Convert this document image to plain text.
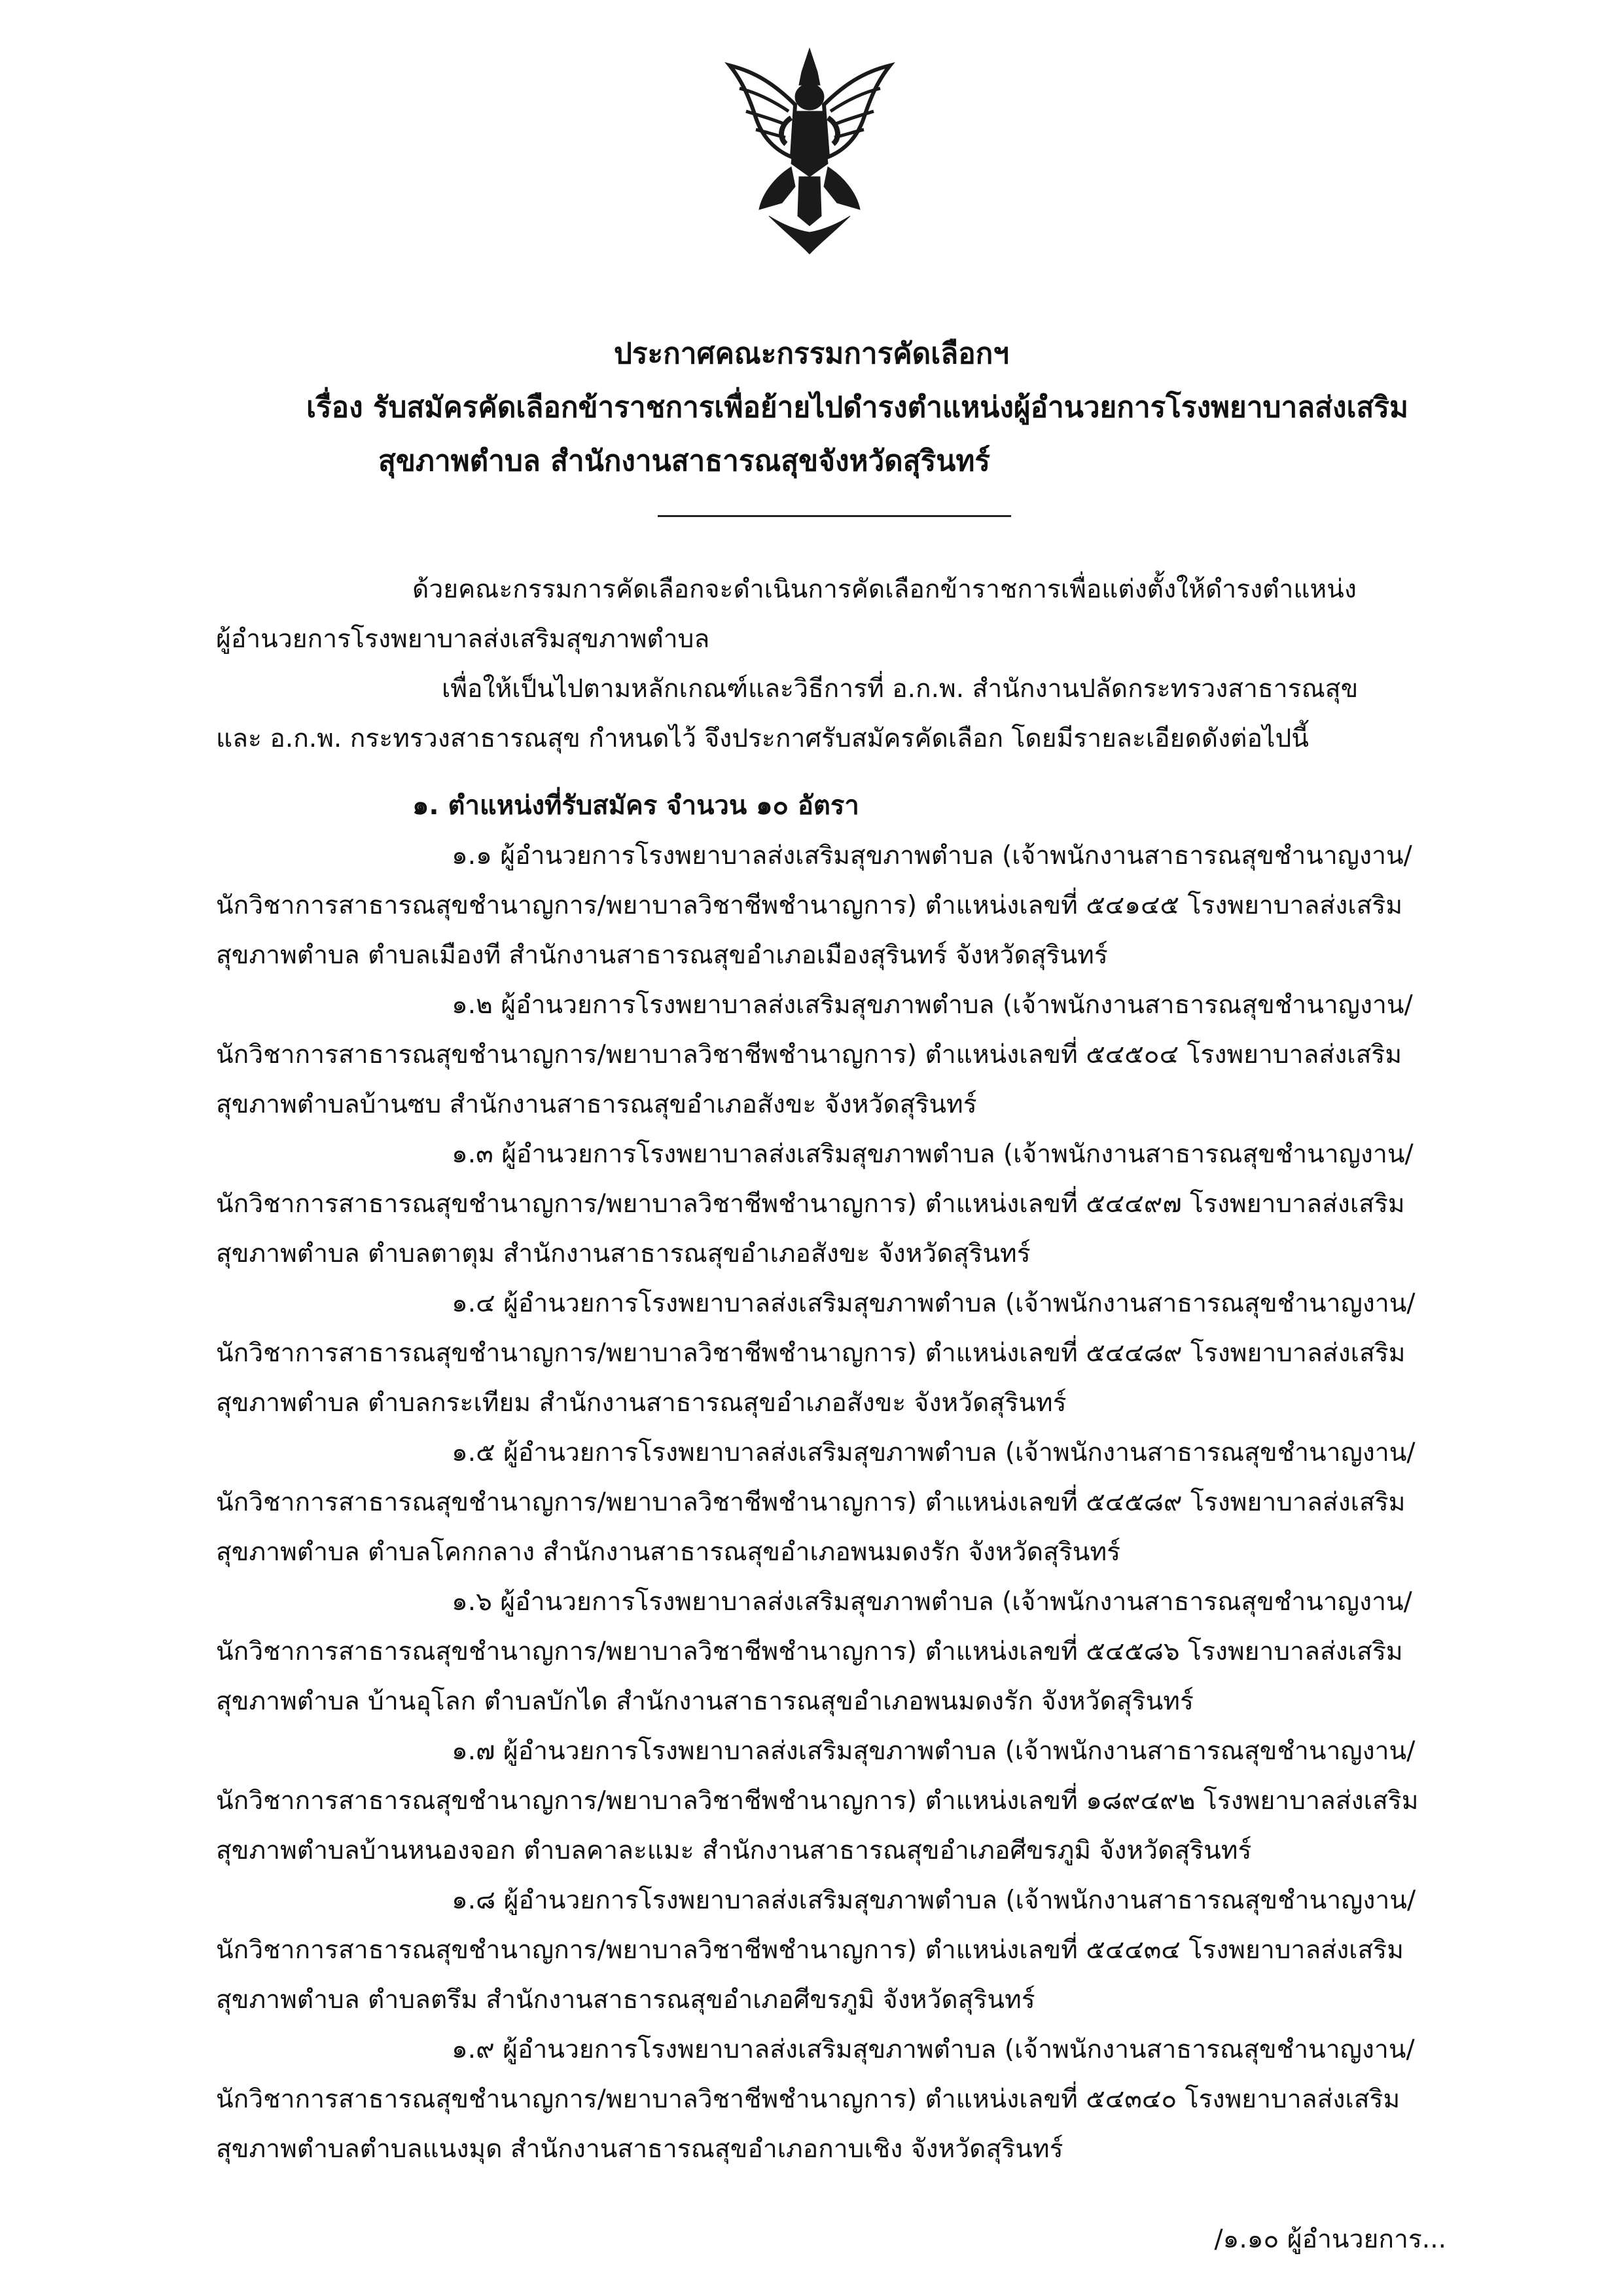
ประกาศคณะกรรมการคัดเลือกฯ
เรื่อง รับสมัครคัดเลือกข้าราชการเพื่อย้ายไปดำรงตำแหน่งผู้อำนวยการโรงพยาบาลส่งเสริม
สุขภาพตำบล สำนักงานสาธารณสุขจังหวัดสุรินทร์
ด้วยคณะกรรมการคัดเลือกจะดำเนินการคัดเลือกข้าราชการเพื่อแต่งตั้งให้ดำรงตำแหน่ง
ผู้อำนวยการโรงพยาบาลส่งเสริมสุขภาพตำบล
เพื่อให้เป็นไปตามหลักเกณฑ์และวิธีการที่ อ.ก.พ. สำนักงานปลัดกระทรวงสาธารณสุข
และ อ.ก.พ. กระทรวงสาธารณสุข กำหนดไว้ จึงประกาศรับสมัครคัดเลือก โดยมีรายละเอียดดังต่อไปนี้
๑. ตำแหน่งที่รับสมัคร จำนวน ๑๐ อัตรา
๑.๑ ผู้อำนวยการโรงพยาบาลส่งเสริมสุขภาพตำบล (เจ้าพนักงานสาธารณสุขชำนาญงาน/
นักวิชาการสาธารณสุขชำนาญการ/พยาบาลวิชาชีพชำนาญการ) ตำแหน่งเลขที่ ๕๔๑๔๕ โรงพยาบาลส่งเสริม
สุขภาพตำบล ตำบลเมืองที สำนักงานสาธารณสุขอำเภอเมืองสุรินทร์ จังหวัดสุรินทร์
๑.๒ ผู้อำนวยการโรงพยาบาลส่งเสริมสุขภาพตำบล (เจ้าพนักงานสาธารณสุขชำนาญงาน/
นักวิชาการสาธารณสุขชำนาญการ/พยาบาลวิชาชีพชำนาญการ) ตำแหน่งเลขที่ ๕๔๕๐๔ โรงพยาบาลส่งเสริม
สุขภาพตำบลบ้านซบ สำนักงานสาธารณสุขอำเภอสังขะ จังหวัดสุรินทร์
๑.๓ ผู้อำนวยการโรงพยาบาลส่งเสริมสุขภาพตำบล (เจ้าพนักงานสาธารณสุขชำนาญงาน/
นักวิชาการสาธารณสุขชำนาญการ/พยาบาลวิชาชีพชำนาญการ) ตำแหน่งเลขที่ ๕๔๔๙๗ โรงพยาบาลส่งเสริม
สุขภาพตำบล ตำบลตาตุม สำนักงานสาธารณสุขอำเภอสังขะ จังหวัดสุรินทร์
๑.๔ ผู้อำนวยการโรงพยาบาลส่งเสริมสุขภาพตำบล (เจ้าพนักงานสาธารณสุขชำนาญงาน/
นักวิชาการสาธารณสุขชำนาญการ/พยาบาลวิชาชีพชำนาญการ) ตำแหน่งเลขที่ ๕๔๔๘๙ โรงพยาบาลส่งเสริม
สุขภาพตำบล ตำบลกระเทียม สำนักงานสาธารณสุขอำเภอสังขะ จังหวัดสุรินทร์
๑.๕ ผู้อำนวยการโรงพยาบาลส่งเสริมสุขภาพตำบล (เจ้าพนักงานสาธารณสุขชำนาญงาน/
นักวิชาการสาธารณสุขชำนาญการ/พยาบาลวิชาชีพชำนาญการ) ตำแหน่งเลขที่ ๕๔๕๘๙ โรงพยาบาลส่งเสริม
สุขภาพตำบล ตำบลโคกกลาง สำนักงานสาธารณสุขอำเภอพนมดงรัก จังหวัดสุรินทร์
๑.๖ ผู้อำนวยการโรงพยาบาลส่งเสริมสุขภาพตำบล (เจ้าพนักงานสาธารณสุขชำนาญงาน/
นักวิชาการสาธารณสุขชำนาญการ/พยาบาลวิชาชีพชำนาญการ) ตำแหน่งเลขที่ ๕๔๕๘๖ โรงพยาบาลส่งเสริม
สุขภาพตำบล บ้านอุโลก ตำบลบักได สำนักงานสาธารณสุขอำเภอพนมดงรัก จังหวัดสุรินทร์
๑.๗ ผู้อำนวยการโรงพยาบาลส่งเสริมสุขภาพตำบล (เจ้าพนักงานสาธารณสุขชำนาญงาน/
นักวิชาการสาธารณสุขชำนาญการ/พยาบาลวิชาชีพชำนาญการ) ตำแหน่งเลขที่ ๑๘๙๔๙๒ โรงพยาบาลส่งเสริม
สุขภาพตำบลบ้านหนองจอก ตำบลคาละแมะ สำนักงานสาธารณสุขอำเภอศีขรภูมิ จังหวัดสุรินทร์
๑.๘ ผู้อำนวยการโรงพยาบาลส่งเสริมสุขภาพตำบล (เจ้าพนักงานสาธารณสุขชำนาญงาน/
นักวิชาการสาธารณสุขชำนาญการ/พยาบาลวิชาชีพชำนาญการ) ตำแหน่งเลขที่ ๕๔๔๓๔ โรงพยาบาลส่งเสริม
สุขภาพตำบล ตำบลตรึม สำนักงานสาธารณสุขอำเภอศีขรภูมิ จังหวัดสุรินทร์
๑.๙ ผู้อำนวยการโรงพยาบาลส่งเสริมสุขภาพตำบล (เจ้าพนักงานสาธารณสุขชำนาญงาน/
นักวิชาการสาธารณสุขชำนาญการ/พยาบาลวิชาชีพชำนาญการ) ตำแหน่งเลขที่ ๕๔๓๔๐ โรงพยาบาลส่งเสริม
สุขภาพตำบลตำบลแนงมุด สำนักงานสาธารณสุขอำเภอกาบเชิง จังหวัดสุรินทร์
/๑.๑๐ ผู้อำนวยการ...
